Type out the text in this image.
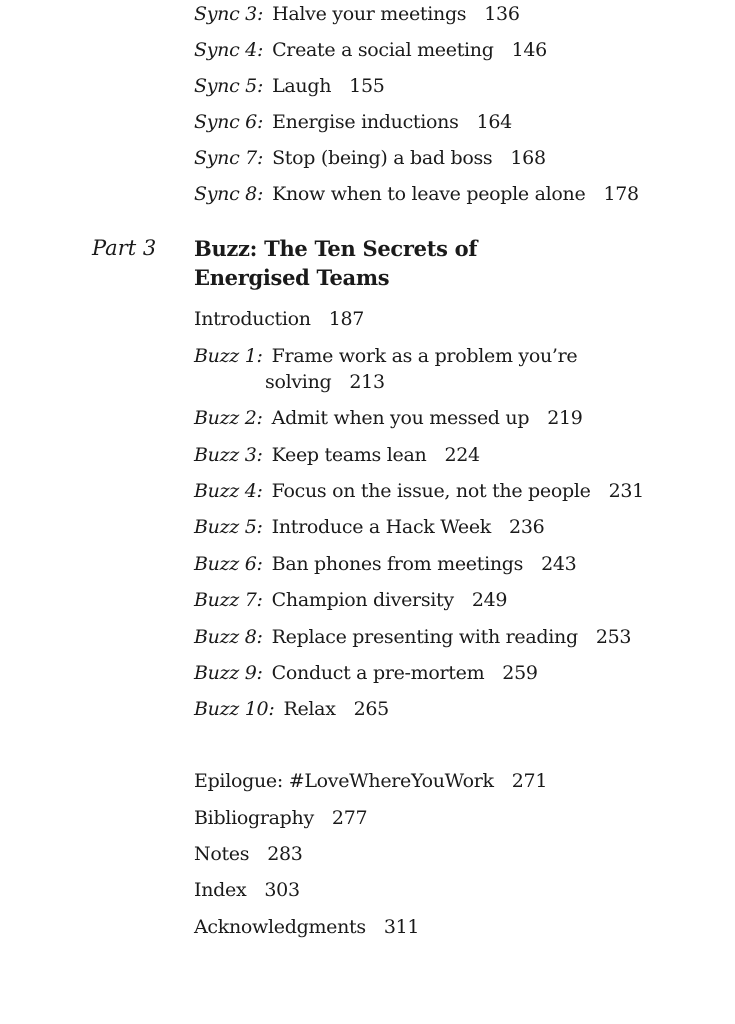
Sync 3: Halve your meetings 136
Sync 4: Create a social meeting 146
Sync 5: Laugh 155
Sync 6: Energise inductions 164
Sync 7: Stop (being) a bad boss 168
Sync 8: Know when to leave people alone 178
Part 3 Buzz: The Ten Secrets of
Energised Teams
Introduction 187
Buzz 1: Frame work as a problem you’re
solving 213
Buzz 2: Admit when you messed up 219
Buzz 3: Keep teams lean 224
Buzz 4: Focus on the issue, not the people 231
Buzz 5: Introduce a Hack Week 236
Buzz 6: Ban phones from meetings 243
Buzz 7: Champion diversity 249
Buzz 8: Replace presenting with reading 253
Buzz 9: Conduct a pre-mortem 259
Buzz 10: Relax 265
Epilogue: #LoveWhereYouWork 271
Bibliography 277
Notes 283
Index 303
Acknowledgments 311
